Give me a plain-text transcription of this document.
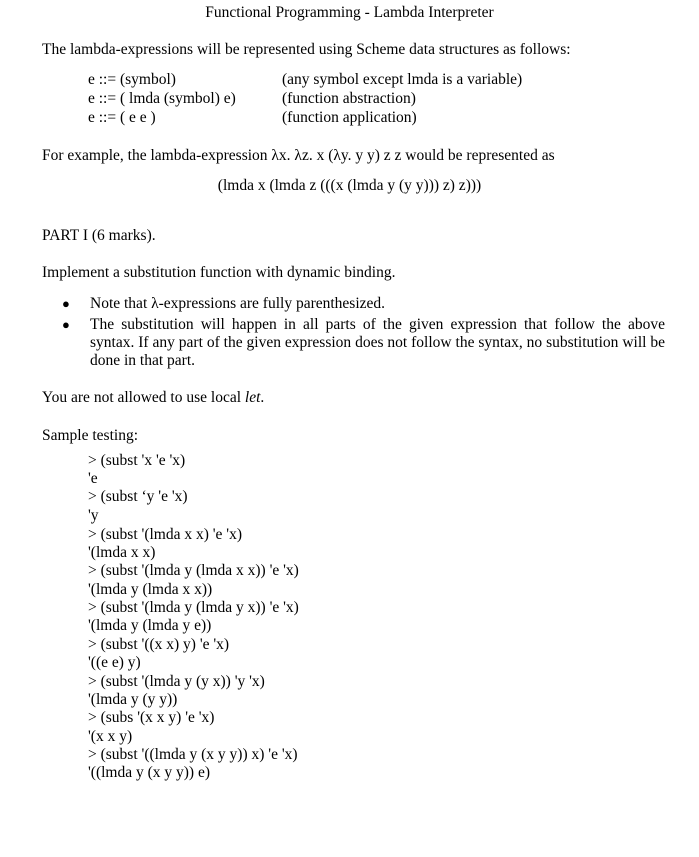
Functional Programming - Lambda Interpreter
The lambda-expressions will be represented using Scheme data structures as follows:
e ::= (symbol)	(any symbol except lmda is a variable)
e ::= ( lmda (symbol) e)	(function abstraction)
e ::= ( e e )	(function application)
For example, the lambda-expression λx. λz. x (λy. y y) z z would be represented as
(lmda x (lmda z (((x (lmda y (y y))) z) z)))
PART I (6 marks).
Implement a substitution function with dynamic binding.
● Note that λ-expressions are fully parenthesized.
● The substitution will happen in all parts of the given expression that follow the above syntax. If any part of the given expression does not follow the syntax, no substitution will be done in that part.
You are not allowed to use local let.
Sample testing:
> (subst 'x 'e 'x)
'e
> (subst ‘y 'e 'x)
'y
> (subst '(lmda x x) 'e 'x)
'(lmda x x)
> (subst '(lmda y (lmda x x)) 'e 'x)
'(lmda y (lmda x x))
> (subst '(lmda y (lmda y x)) 'e 'x)
'(lmda y (lmda y e))
> (subst '((x x) y) 'e 'x)
'((e e) y)
> (subst '(lmda y (y x)) 'y 'x)
'(lmda y (y y))
> (subs '(x x y) 'e 'x)
'(x x y)
> (subst '((lmda y (x y y)) x) 'e 'x)
'((lmda y (x y y)) e)
